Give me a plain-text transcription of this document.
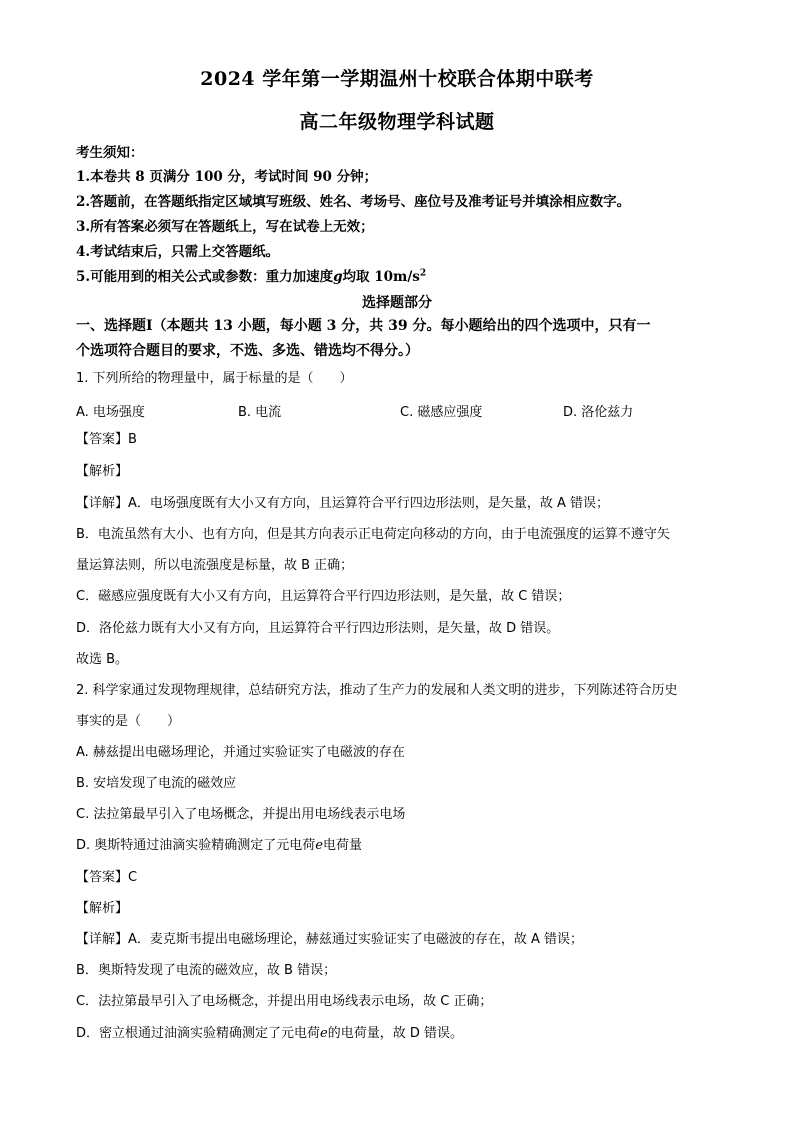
2024 学年第一学期温州十校联合体期中联考
高二年级物理学科试题
考生须知：
1.本卷共 8 页满分 100 分，考试时间 90 分钟；
2.答题前，在答题纸指定区域填写班级、姓名、考场号、座位号及准考证号并填涂相应数字。
3.所有答案必须写在答题纸上，写在试卷上无效；
4.考试结束后，只需上交答题纸。
5.可能用到的相关公式或参数：重力加速度g均取 $10m/s^2$
选择题部分
一、选择题Ⅰ（本题共 13 小题，每小题 3 分，共 39 分。每小题给出的四个选项中，只有一
个选项符合题目的要求，不选、多选、错选均不得分。）
1. 下列所给的物理量中，属于标量的是（　　）
A. 电场强度	B. 电流	C. 磁感应强度	D. 洛伦兹力
【答案】B
【解析】
【详解】A．电场强度既有大小又有方向，且运算符合平行四边形法则，是矢量，故 A 错误；
B．电流虽然有大小、也有方向，但是其方向表示正电荷定向移动的方向，由于电流强度的运算不遵守矢
量运算法则，所以电流强度是标量，故 B 正确；
C．磁感应强度既有大小又有方向，且运算符合平行四边形法则，是矢量，故 C 错误；
D．洛伦兹力既有大小又有方向，且运算符合平行四边形法则，是矢量，故 D 错误。
故选 B。
2. 科学家通过发现物理规律，总结研究方法，推动了生产力的发展和人类文明的进步，下列陈述符合历史
事实的是（　　）
A. 赫兹提出电磁场理论，并通过实验证实了电磁波的存在
B. 安培发现了电流的磁效应
C. 法拉第最早引入了电场概念，并提出用电场线表示电场
D. 奥斯特通过油滴实验精确测定了元电荷e电荷量
【答案】C
【解析】
【详解】A．麦克斯韦提出电磁场理论，赫兹通过实验证实了电磁波的存在，故 A 错误；
B．奥斯特发现了电流的磁效应，故 B 错误；
C．法拉第最早引入了电场概念，并提出用电场线表示电场，故 C 正确；
D．密立根通过油滴实验精确测定了元电荷e的电荷量，故 D 错误。
